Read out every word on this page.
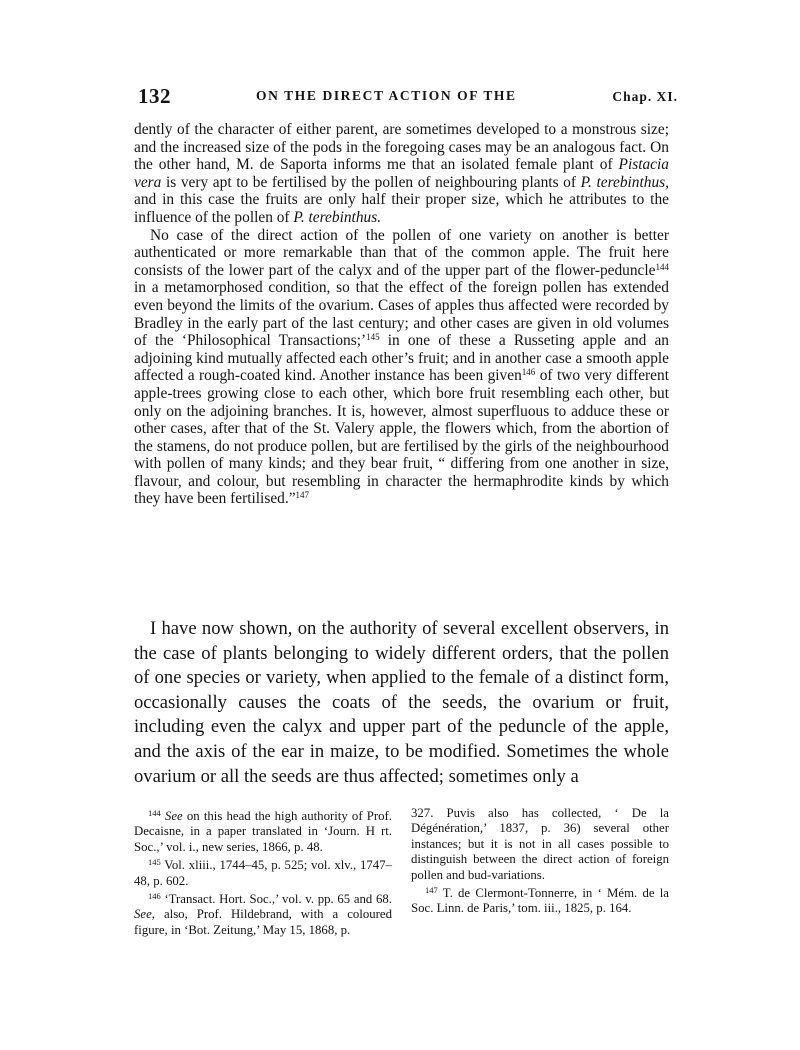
132	ON THE DIRECT ACTION OF THE	Chap. XI.

dently of the character of either parent, are sometimes developed to a monstrous size; and the increased size of the pods in the foregoing cases may be an analogous fact. On the other hand, M. de Saporta informs me that an isolated female plant of Pistacia vera is very apt to be fertilised by the pollen of neighbouring plants of P. terebinthus, and in this case the fruits are only half their proper size, which he attributes to the influence of the pollen of P. terebinthus.

No case of the direct action of the pollen of one variety on another is better authenticated or more remarkable than that of the common apple. The fruit here consists of the lower part of the calyx and of the upper part of the flower-peduncle$^{144}$ in a metamorphosed condition, so that the effect of the foreign pollen has extended even beyond the limits of the ovarium. Cases of apples thus affected were recorded by Bradley in the early part of the last century; and other cases are given in old volumes of the ‘Philosophical Transactions;’$^{145}$ in one of these a Russeting apple and an adjoining kind mutually affected each other’s fruit; and in another case a smooth apple affected a rough-coated kind. Another instance has been given$^{146}$ of two very different apple-trees growing close to each other, which bore fruit resembling each other, but only on the adjoining branches. It is, however, almost superfluous to adduce these or other cases, after that of the St. Valery apple, the flowers which, from the abortion of the stamens, do not produce pollen, but are fertilised by the girls of the neighbourhood with pollen of many kinds; and they bear fruit, “ differing from one another in size, flavour, and colour, but resembling in character the hermaphrodite kinds by which they have been fertilised.”$^{147}$

I have now shown, on the authority of several excellent observers, in the case of plants belonging to widely different orders, that the pollen of one species or variety, when applied to the female of a distinct form, occasionally causes the coats of the seeds, the ovarium or fruit, including even the calyx and upper part of the peduncle of the apple, and the axis of the ear in maize, to be modified. Sometimes the whole ovarium or all the seeds are thus affected; sometimes only a

$^{144}$ See on this head the high authority of Prof. Decaisne, in a paper translated in ‘Journ. H rt. Soc.,’ vol. i., new series, 1866, p. 48.

$^{145}$ Vol. xliii., 1744–45, p. 525; vol. xlv., 1747–48, p. 602.

$^{146}$ ‘Transact. Hort. Soc.,’ vol. v. pp. 65 and 68. See, also, Prof. Hildebrand, with a coloured figure, in ‘Bot. Zeitung,’ May 15, 1868, p.

327. Puvis also has collected, ‘ De la Dégénération,’ 1837, p. 36) several other instances; but it is not in all cases possible to distinguish between the direct action of foreign pollen and bud-variations.

$^{147}$ T. de Clermont-Tonnerre, in ‘ Mém. de la Soc. Linn. de Paris,’ tom. iii., 1825, p. 164.
